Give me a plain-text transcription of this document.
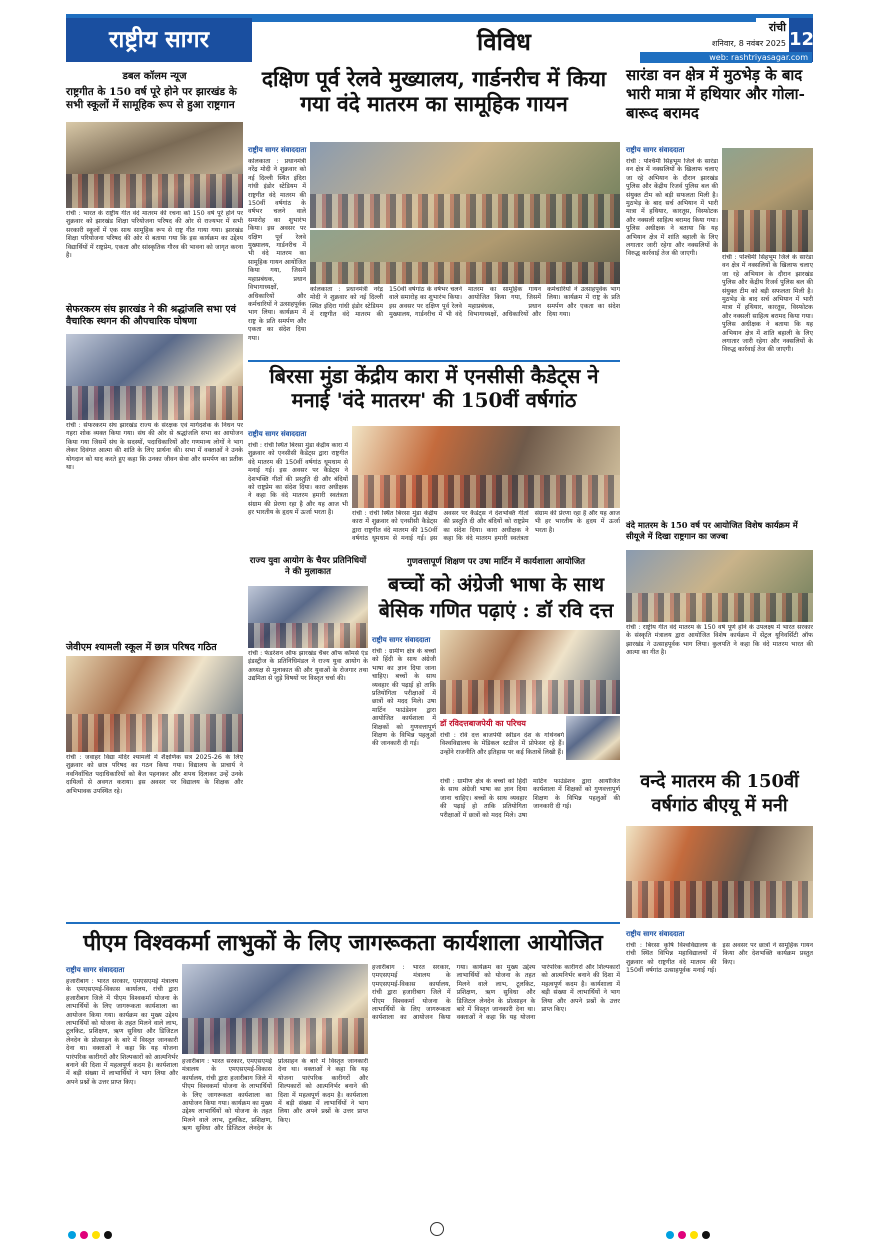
राष्ट्रीय सागर	विविध
रांची
शनिवार, 8 नवंबर 2025 12
web: rashtriyasagar.com
डबल कॉलम न्यूज
राष्ट्रगीत के 150 वर्ष पूरे होने पर झारखंड के सभी स्कूलों में सामूहिक रूप से हुआ राष्ट्रगान
रांची : भारत के राष्ट्रीय गीत वंदे मातरम की रचना को 150 वर्ष पूरे होने पर शुक्रवार को झारखंड शिक्षा परियोजना परिषद की ओर से राज्यभर में सभी सरकारी स्कूलों में एक साथ सामूहिक रूप से राष्ट्र गीत गाया गया। झारखंड शिक्षा परियोजना परिषद की ओर से बताया गया कि इस कार्यक्रम का उद्देश्य विद्यार्थियों में राष्ट्रप्रेम, एकता और सांस्कृतिक गौरव की भावना को जागृत करना है।
सेफरकरम संघ झारखंड ने की श्रद्धांजलि सभा एवं वैचारिक स्थगन की औपचारिक घोषणा
रांची : सेफरकरम संघ झारखंड राज्य के संरक्षक एवं मार्गदर्शक के निधन पर गहरा शोक व्यक्त किया गया। संघ की ओर से श्रद्धांजलि सभा का आयोजन किया गया जिसमें संघ के सदस्यों, पदाधिकारियों और गणमान्य लोगों ने भाग लेकर दिवंगत आत्मा की शांति के लिए प्रार्थना की। सभा में वक्ताओं ने उनके योगदान को याद करते हुए कहा कि उनका जीवन सेवा और समर्पण का प्रतीक था।
जेवीएम श्यामली स्कूल में छात्र परिषद गठित
रांची : जवाहर विद्या मंदिर श्यामली में शैक्षणिक सत्र 2025-26 के लिए शुक्रवार को छात्र परिषद का गठन किया गया। विद्यालय के प्राचार्य ने नवनिर्वाचित पदाधिकारियों को बैज पहनाकर और शपथ दिलाकर उन्हें उनके दायित्वों से अवगत कराया। इस अवसर पर विद्यालय के शिक्षक और अभिभावक उपस्थित रहे।
दक्षिण पूर्व रेलवे मुख्यालय, गार्डनरीच में किया गया वंदे मातरम का सामूहिक गायन
राष्ट्रीय सागर संवाददाता
कोलकाता : प्रधानमंत्री नरेंद्र मोदी ने शुक्रवार को नई दिल्ली स्थित इंदिरा गांधी इंडोर स्टेडियम में राष्ट्रगीत वंदे मातरम की 150वीं वर्षगांठ के वर्षभर चलने वाले समारोह का शुभारंभ किया। इस अवसर पर दक्षिण पूर्व रेलवे मुख्यालय, गार्डनरीच में भी वंदे मातरम का सामूहिक गायन आयोजित किया गया, जिसमें महाप्रबंधक, प्रधान विभागाध्यक्षों, अधिकारियों और कर्मचारियों ने उत्साहपूर्वक भाग लिया। कार्यक्रम में राष्ट्र के प्रति समर्पण और एकता का संदेश दिया गया।
कोलकाता : प्रधानमंत्री नरेंद्र मोदी ने शुक्रवार को नई दिल्ली स्थित इंदिरा गांधी इंडोर स्टेडियम में राष्ट्रगीत वंदे मातरम की 150वीं वर्षगांठ के वर्षभर चलने वाले समारोह का शुभारंभ किया। इस अवसर पर दक्षिण पूर्व रेलवे मुख्यालय, गार्डनरीच में भी वंदे मातरम का सामूहिक गायन आयोजित किया गया, जिसमें महाप्रबंधक, प्रधान विभागाध्यक्षों, अधिकारियों और कर्मचारियों ने उत्साहपूर्वक भाग लिया। कार्यक्रम में राष्ट्र के प्रति समर्पण और एकता का संदेश दिया गया।
बिरसा मुंडा केंद्रीय कारा में एनसीसी कैडेट्स ने मनाई 'वंदे मातरम' की 150वीं वर्षगांठ
राष्ट्रीय सागर संवाददाता
रांची : रांची स्थित बिरसा मुंडा केंद्रीय कारा में शुक्रवार को एनसीसी कैडेट्स द्वारा राष्ट्रगीत वंदे मातरम की 150वीं वर्षगांठ धूमधाम से मनाई गई। इस अवसर पर कैडेट्स ने देशभक्ति गीतों की प्रस्तुति दी और बंदियों को राष्ट्रप्रेम का संदेश दिया। कारा अधीक्षक ने कहा कि वंदे मातरम हमारी स्वतंत्रता संग्राम की प्रेरणा रहा है और यह आज भी हर भारतीय के हृदय में ऊर्जा भरता है।	रांची : रांची स्थित बिरसा मुंडा केंद्रीय कारा में शुक्रवार को एनसीसी कैडेट्स द्वारा राष्ट्रगीत वंदे मातरम की 150वीं वर्षगांठ धूमधाम से मनाई गई। इस अवसर पर कैडेट्स ने देशभक्ति गीतों की प्रस्तुति दी और बंदियों को राष्ट्रप्रेम का संदेश दिया। कारा अधीक्षक ने कहा कि वंदे मातरम हमारी स्वतंत्रता संग्राम की प्रेरणा रहा है और यह आज भी हर भारतीय के हृदय में ऊर्जा भरता है।
राज्य युवा आयोग के चैयर प्रतिनिधियों ने की मुलाकात
रांची : फेडरेशन ऑफ झारखंड चैंबर ऑफ कॉमर्स एंड इंडस्ट्रीज के प्रतिनिधिमंडल ने राज्य युवा आयोग के अध्यक्ष से मुलाकात की और युवाओं के रोजगार तथा उद्यमिता से जुड़े विषयों पर विस्तृत चर्चा की।
गुणवत्तापूर्ण शिक्षण पर उषा मार्टिन में कार्यशाला आयोजित
बच्चों को अंग्रेजी भाषा के साथ बेसिक गणित पढ़ाएं : डॉ रवि दत्त
राष्ट्रीय सागर संवाददाता
रांची : ग्रामीण क्षेत्र के बच्चों को हिंदी के साथ अंग्रेजी भाषा का ज्ञान दिया जाना चाहिए। बच्चों के साथ व्यवहार की पढ़ाई हो ताकि प्रतियोगिता परीक्षाओं में छात्रों को मदद मिले। उषा मार्टिन फाउंडेशन द्वारा आयोजित कार्यशाला में शिक्षकों को गुणवत्तापूर्ण शिक्षण के विभिन्न पहलुओं की जानकारी दी गई।
डॉ रविदत्तबाजपेयी का परिचय
रांची : रवि दत्त बाजपेयी स्वीडन देश के गोथेनबर्ग विश्वविद्यालय के मेडिकल स्टडीज में प्रोफेसर रहे हैं। उन्होंने राजनीति और इतिहास पर कई किताबें लिखी हैं।
रांची : ग्रामीण क्षेत्र के बच्चों को हिंदी के साथ अंग्रेजी भाषा का ज्ञान दिया जाना चाहिए। बच्चों के साथ व्यवहार की पढ़ाई हो ताकि प्रतियोगिता परीक्षाओं में छात्रों को मदद मिले। उषा मार्टिन फाउंडेशन द्वारा आयोजित कार्यशाला में शिक्षकों को गुणवत्तापूर्ण शिक्षण के विभिन्न पहलुओं की जानकारी दी गई।
सारंडा वन क्षेत्र में मुठभेड़ के बाद भारी मात्रा में हथियार और गोला-बारूद बरामद
राष्ट्रीय सागर संवाददाता
रांची : पश्चिमी सिंहभूम जिले के सारंडा वन क्षेत्र में नक्सलियों के खिलाफ चलाए जा रहे अभियान के दौरान झारखंड पुलिस और केंद्रीय रिजर्व पुलिस बल की संयुक्त टीम को बड़ी सफलता मिली है। मुठभेड़ के बाद सर्च अभियान में भारी मात्रा में हथियार, कारतूस, विस्फोटक और नक्सली साहित्य बरामद किया गया। पुलिस अधीक्षक ने बताया कि यह अभियान क्षेत्र में शांति बहाली के लिए लगातार जारी रहेगा और नक्सलियों के विरुद्ध कार्रवाई तेज की जाएगी।
रांची : पश्चिमी सिंहभूम जिले के सारंडा वन क्षेत्र में नक्सलियों के खिलाफ चलाए जा रहे अभियान के दौरान झारखंड पुलिस और केंद्रीय रिजर्व पुलिस बल की संयुक्त टीम को बड़ी सफलता मिली है। मुठभेड़ के बाद सर्च अभियान में भारी मात्रा में हथियार, कारतूस, विस्फोटक और नक्सली साहित्य बरामद किया गया। पुलिस अधीक्षक ने बताया कि यह अभियान क्षेत्र में शांति बहाली के लिए लगातार जारी रहेगा और नक्सलियों के विरुद्ध कार्रवाई तेज की जाएगी।
वंदे मातरम के 150 वर्ष पर आयोजित विशेष कार्यक्रम में सीयूजे में दिखा राष्ट्रगान का जज्बा
रांची : राष्ट्रीय गीत वंदे मातरम के 150 वर्ष पूर्ण होने के उपलक्ष्य में भारत सरकार के संस्कृति मंत्रालय द्वारा आयोजित विशेष कार्यक्रम में सेंट्रल यूनिवर्सिटी ऑफ झारखंड ने उत्साहपूर्वक भाग लिया। कुलपति ने कहा कि वंदे मातरम भारत की आत्मा का गीत है।
वन्दे मातरम की 150वीं वर्षगांठ बीएयू में मनी
पीएम विश्वकर्मा लाभुकों के लिए जागरूकता कार्यशाला आयोजित
राष्ट्रीय सागर संवाददाता
हजारीबाग : भारत सरकार, एमएसएमई मंत्रालय के एमएसएमई-विकास कार्यालय, रांची द्वारा हजारीबाग जिले में पीएम विश्वकर्मा योजना के लाभार्थियों के लिए जागरूकता कार्यशाला का आयोजन किया गया। कार्यक्रम का मुख्य उद्देश्य लाभार्थियों को योजना के तहत मिलने वाले लाभ, टूलकिट, प्रशिक्षण, ऋण सुविधा और डिजिटल लेनदेन के प्रोत्साहन के बारे में विस्तृत जानकारी देना था। वक्ताओं ने कहा कि यह योजना पारंपरिक कारीगरों और शिल्पकारों को आत्मनिर्भर बनाने की दिशा में महत्वपूर्ण कदम है। कार्यशाला में बड़ी संख्या में लाभार्थियों ने भाग लिया और अपने प्रश्नों के उत्तर प्राप्त किए।
हजारीबाग : भारत सरकार, एमएसएमई मंत्रालय के एमएसएमई-विकास कार्यालय, रांची द्वारा हजारीबाग जिले में पीएम विश्वकर्मा योजना के लाभार्थियों के लिए जागरूकता कार्यशाला का आयोजन किया गया। कार्यक्रम का मुख्य उद्देश्य लाभार्थियों को योजना के तहत मिलने वाले लाभ, टूलकिट, प्रशिक्षण, ऋण सुविधा और डिजिटल लेनदेन के प्रोत्साहन के बारे में विस्तृत जानकारी देना था। वक्ताओं ने कहा कि यह योजना पारंपरिक कारीगरों और शिल्पकारों को आत्मनिर्भर बनाने की दिशा में महत्वपूर्ण कदम है। कार्यशाला में बड़ी संख्या में लाभार्थियों ने भाग लिया और अपने प्रश्नों के उत्तर प्राप्त किए।
हजारीबाग : भारत सरकार, एमएसएमई मंत्रालय के एमएसएमई-विकास कार्यालय, रांची द्वारा हजारीबाग जिले में पीएम विश्वकर्मा योजना के लाभार्थियों के लिए जागरूकता कार्यशाला का आयोजन किया गया। कार्यक्रम का मुख्य उद्देश्य लाभार्थियों को योजना के तहत मिलने वाले लाभ, टूलकिट, प्रशिक्षण, ऋण सुविधा और डिजिटल लेनदेन के प्रोत्साहन के बारे में विस्तृत जानकारी देना था। वक्ताओं ने कहा कि यह योजना पारंपरिक कारीगरों और शिल्पकारों को आत्मनिर्भर बनाने की दिशा में महत्वपूर्ण कदम है। कार्यशाला में बड़ी संख्या में लाभार्थियों ने भाग लिया और अपने प्रश्नों के उत्तर प्राप्त किए।
राष्ट्रीय सागर संवाददाता
रांची : बिरसा कृषि विश्वविद्यालय के रांची स्थित विभिन्न महाविद्यालयों में शुक्रवार को राष्ट्रगीत वंदे मातरम की 150वीं वर्षगांठ उत्साहपूर्वक मनाई गई। इस अवसर पर छात्रों ने सामूहिक गायन किया और देशभक्ति कार्यक्रम प्रस्तुत किए।
